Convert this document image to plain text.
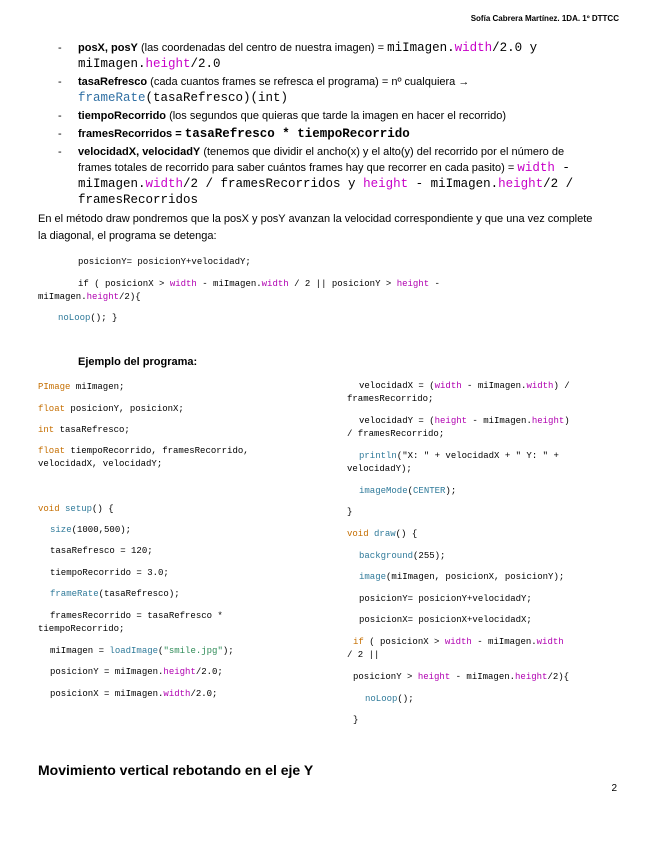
Sofía Cabrera Martínez. 1DA. 1º DTTCC
- posX, posY (las coordenadas del centro de nuestra imagen) = miImagen.width/2.0 y miImagen.height/2.0
- tasaRefresco (cada cuantos frames se refresca el programa) = nº cualquiera →
frameRate(tasaRefresco)(int)
- tiempoRecorrido (los segundos que quieras que tarde la imagen en hacer el recorrido)
- framesRecorridos = tasaRefresco * tiempoRecorrido
- velocidadX, velocidadY (tenemos que dividir el ancho(x) y el alto(y) del recorrido por el número de frames totales de recorrido para saber cuántos frames hay que recorrer en cada pasito) = width - miImagen.width/2 / framesRecorridos y height - miImagen.height/2 / framesRecorridos
En el método draw pondremos que la posX y posY avanzan la velocidad correspondiente y que una vez complete la diagonal, el programa se detenga:
posicionY= posicionY+velocidadY;
if ( posicionX > width - miImagen.width / 2 || posicionY > height -
miImagen.height/2){
noLoop(); }
Ejemplo del programa:
PImage miImagen;
float posicionY, posicionX;
int tasaRefresco;
float tiempoRecorrido, framesRecorrido,
velocidadX, velocidadY;
void setup() {
size(1000,500);
tasaRefresco = 120;
tiempoRecorrido = 3.0;
frameRate(tasaRefresco);
framesRecorrido = tasaRefresco *
tiempoRecorrido;
miImagen = loadImage("smile.jpg");
posicionY = miImagen.height/2.0;
posicionX = miImagen.width/2.0;
velocidadX = (width - miImagen.width) /
framesRecorrido;
velocidadY = (height - miImagen.height)
/ framesRecorrido;
println("X: " + velocidadX + " Y: " +
velocidadY);
imageMode(CENTER);
}
void draw() {
background(255);
image(miImagen, posicionX, posicionY);
posicionY= posicionY+velocidadY;
posicionX= posicionX+velocidadX;
if ( posicionX > width - miImagen.width
/ 2 ||
posicionY > height - miImagen.height/2){
noLoop();
}
Movimiento vertical rebotando en el eje Y
2
